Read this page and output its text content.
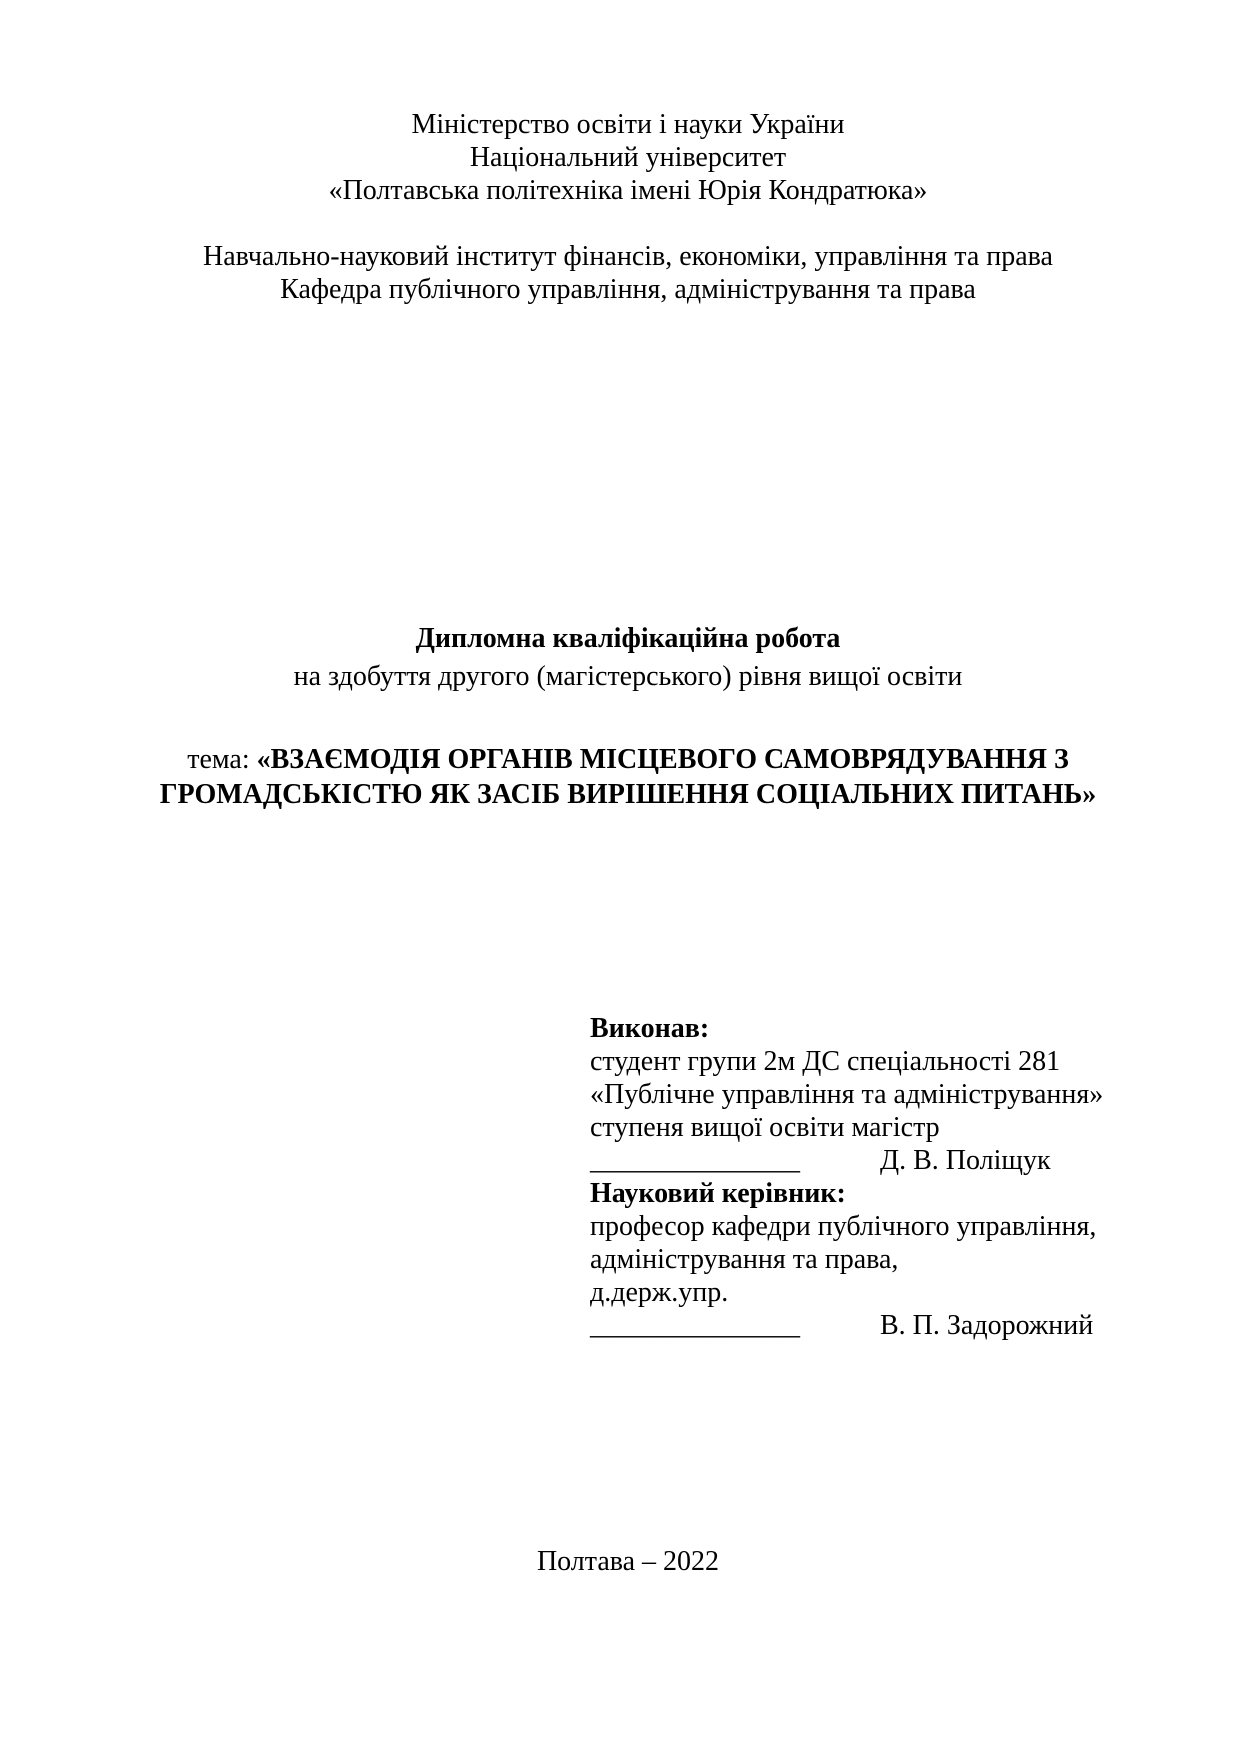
Міністерство освіти і науки України
Національний університет
«Полтавська політехніка імені Юрія Кондратюка»
Навчально-науковий інститут фінансів, економіки, управління та права
Кафедра публічного управління, адміністрування та права
Дипломна кваліфікаційна робота
на здобуття другого (магістерського) рівня вищої освіти
тема: «ВЗАЄМОДІЯ ОРГАНІВ МІСЦЕВОГО САМОВРЯДУВАННЯ З
ГРОМАДСЬКІСТЮ ЯК ЗАСІБ ВИРІШЕННЯ СОЦІАЛЬНИХ ПИТАНЬ»
Виконав:
студент групи 2м ДС спеціальності 281
«Публічне управління та адміністрування»
ступеня вищої освіти магістр
_______________	Д. В. Поліщук
Науковий керівник:
професор кафедри публічного управління,
адміністрування та права,
д.держ.упр.
_______________	В. П. Задорожний
Полтава – 2022
